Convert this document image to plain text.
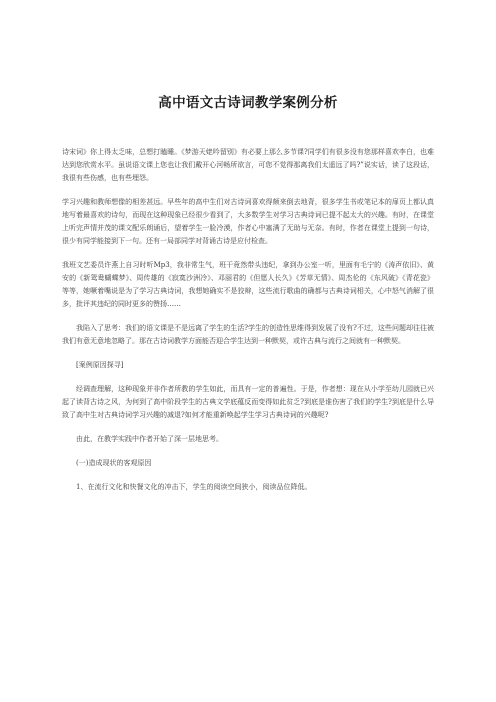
高中语文古诗词教学案例分析

诗宋词》你上得太乏味，总想打瞌睡。《梦游天姥吟留别》有必要上那么多节课?同学们有很多没有您那样喜欢李白，也难达到您欣赏水平。虽说语文课上您也让我们戴开心河畅所欲言，可您不觉得那离我们太遥远了吗?”说实话，读了这段话，我很有些伤感，也有些埋怨。

学习兴趣和教师想像的相差甚远。早些年的高中生们对古诗词喜欢得颇来倒去地背，很多学生书或笔记本的扉页上都认真地写着最喜欢的诗句，而现在这种现象已经很少看到了，大多数学生对学习古典诗词已提不起太大的兴趣。有时，在课堂上听完声情并茂的课文配乐朗诵后，望着学生一脸冷漠，作者心中塞满了无助与无奈。有时，作者在课堂上提到一句诗，很少有同学能接到下一句。还有一局部同学对背诵古诗是应付检查。

我班文艺委员许燕上自习时听Mp3，我非常生气，班干竟然带头违纪，拿到办公室一听，里面有毛宁的《涛声依旧》、黄安的《新鸳鸯蝴蝶梦》、周传雄的《寂寞沙洲冷》、邓丽君的《但愿人长久》《芳草无情》、周杰伦的《东风破》《青花瓷》等等，她噘着嘴说是为了学习古典诗词，我想她确实不是狡辩，这些流行歌曲的确都与古典诗词相关，心中怒气消解了很多，批评其违纪的同时更多的赞扬……

我陷入了思考：我们的语文课是不是远离了学生的生活?学生的创造性思维得到发展了没有?不过，这些问题却往往被我们有意无意地忽略了。那在古诗词教学方面能否迎合学生达到一种默契，或许古典与流行之间就有一种默契。

[案例原因探寻]

经调查理解，这种现象并非作者所教的学生如此，而具有一定的普遍性。于是，作者想：现在从小学至幼儿园就已兴起了读背古诗之风，为何到了高中阶段学生的古典文学底蕴反而变得如此贫乏?到底是谁伤害了我们的学生?到底是什么导致了高中生对古典诗词学习兴趣的减退?如何才能重新唤起学生学习古典诗词的兴趣呢?

由此，在教学实践中作者开始了深一层地思考。

(一)造成现状的客观原因

1、在流行文化和快餐文化的冲击下，学生的阅读空间狭小，阅读品位降低。
